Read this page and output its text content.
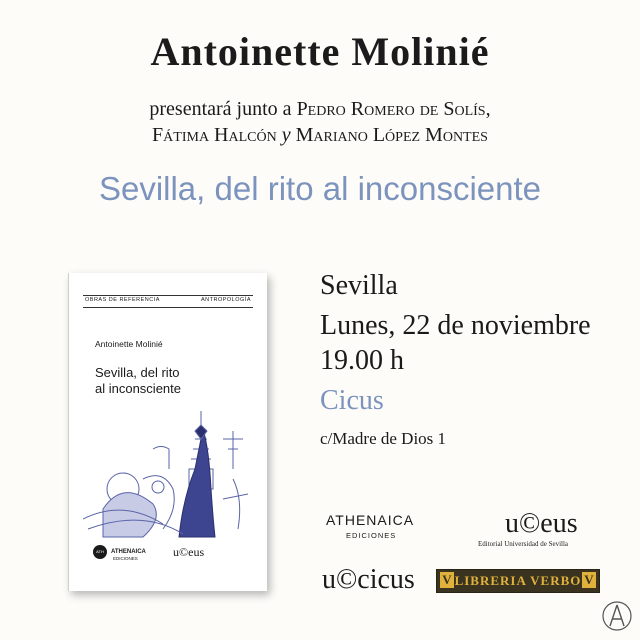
Antoinette Molinié
presentará junto a Pedro Romero de Solís,
Fátima Halcón y Mariano López Montes
Sevilla, del rito al inconsciente
OBRAS DE REFERENCIA	ANTROPOLOGÍA
Antoinette Molinié
Sevilla, del rito
al inconsciente
ATH	ATHENAICA
EDICIONES	u©eus
Sevilla
Lunes, 22 de noviembre
19.00 h
Cicus
c/Madre de Dios 1
ATHENAICA
EDICIONES	u©eus
Editorial Universidad de Sevilla
u©cicus V LIBRERIA VERBO V
